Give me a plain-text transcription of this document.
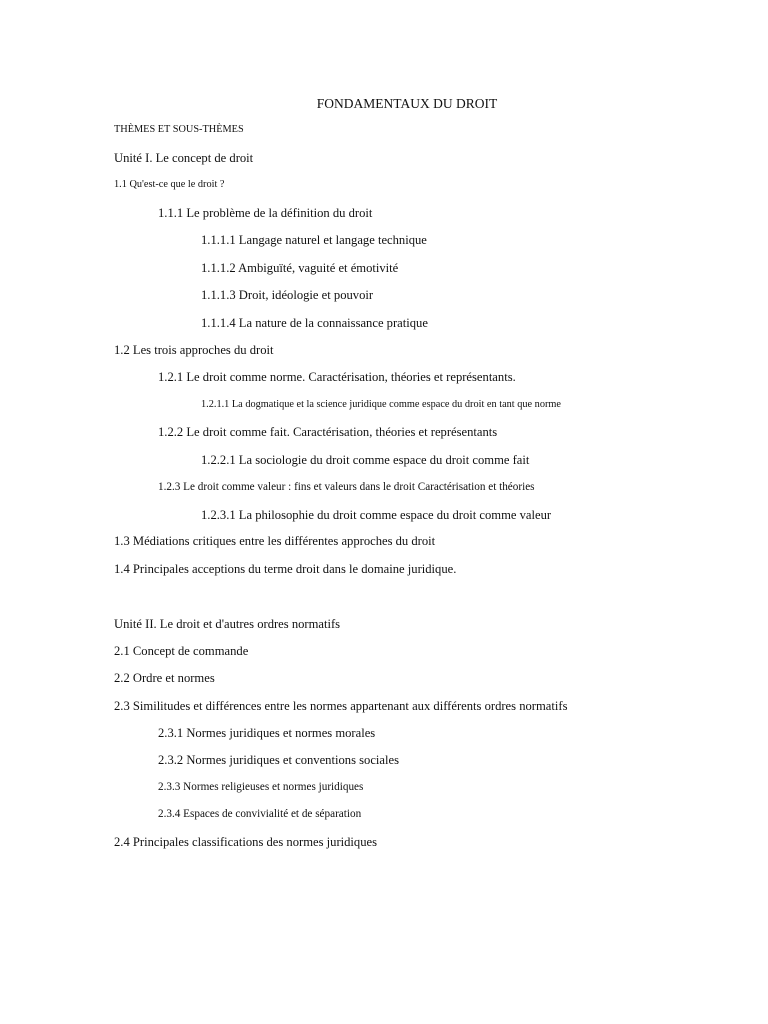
FONDAMENTAUX DU DROIT
THÈMES ET SOUS-THÈMES
Unité I. Le concept de droit
1.1 Qu'est-ce que le droit ?
1.1.1 Le problème de la définition du droit
1.1.1.1 Langage naturel et langage technique
1.1.1.2 Ambiguïté, vaguité et émotivité
1.1.1.3 Droit, idéologie et pouvoir
1.1.1.4 La nature de la connaissance pratique
1.2 Les trois approches du droit
1.2.1 Le droit comme norme. Caractérisation, théories et représentants.
1.2.1.1 La dogmatique et la science juridique comme espace du droit en tant que norme
1.2.2 Le droit comme fait. Caractérisation, théories et représentants
1.2.2.1 La sociologie du droit comme espace du droit comme fait
1.2.3 Le droit comme valeur : fins et valeurs dans le droit Caractérisation et théories
1.2.3.1 La philosophie du droit comme espace du droit comme valeur
1.3 Médiations critiques entre les différentes approches du droit
1.4 Principales acceptions du terme droit dans le domaine juridique.
Unité II. Le droit et d'autres ordres normatifs
2.1 Concept de commande
2.2 Ordre et normes
2.3 Similitudes et différences entre les normes appartenant aux différents ordres normatifs
2.3.1 Normes juridiques et normes morales
2.3.2 Normes juridiques et conventions sociales
2.3.3 Normes religieuses et normes juridiques
2.3.4 Espaces de convivialité et de séparation
2.4 Principales classifications des normes juridiques
